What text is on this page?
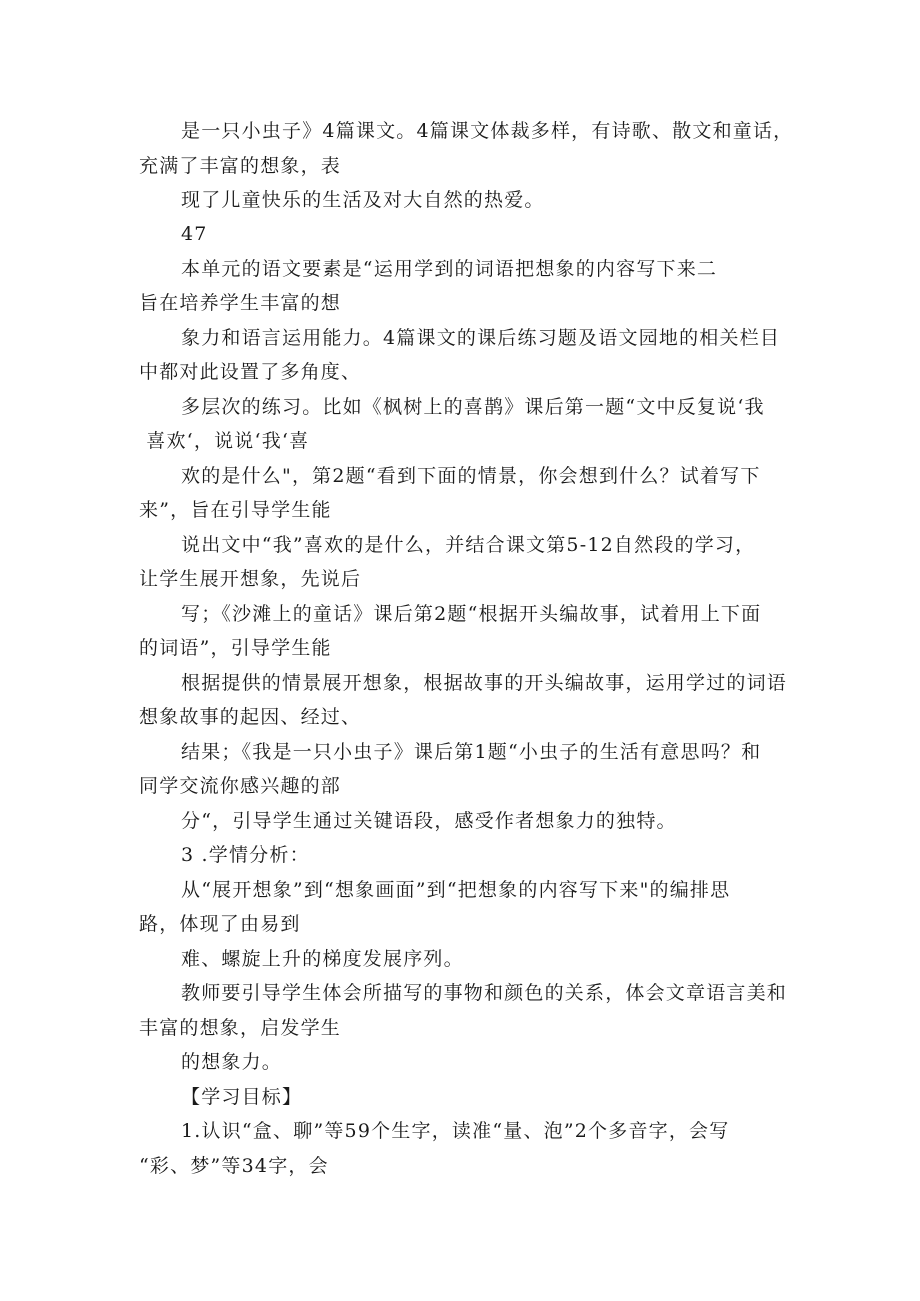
是一只小虫子》4篇课文。4篇课文体裁多样，有诗歌、散文和童话，
充满了丰富的想象，表
现了儿童快乐的生活及对大自然的热爱。
47
本单元的语文要素是“运用学到的词语把想象的内容写下来二
旨在培养学生丰富的想
象力和语言运用能力。4篇课文的课后练习题及语文园地的相关栏目
中都对此设置了多角度、
多层次的练习。比如《枫树上的喜鹊》课后第一题“文中反复说‘我
喜欢‘，说说‘我‘喜
欢的是什么"，第2题“看到下面的情景，你会想到什么？试着写下
来”，旨在引导学生能
说出文中“我”喜欢的是什么，并结合课文第5-12自然段的学习，
让学生展开想象，先说后
写；《沙滩上的童话》课后第2题“根据开头编故事，试着用上下面
的词语”，引导学生能
根据提供的情景展开想象，根据故事的开头编故事，运用学过的词语
想象故事的起因、经过、
结果；《我是一只小虫子》课后第1题“小虫子的生活有意思吗？和
同学交流你感兴趣的部
分“，引导学生通过关键语段，感受作者想象力的独特。
3 .学情分析：
从“展开想象”到“想象画面”到“把想象的内容写下来"的编排思
路，体现了由易到
难、螺旋上升的梯度发展序列。
教师要引导学生体会所描写的事物和颜色的关系，体会文章语言美和
丰富的想象，启发学生
的想象力。
【学习目标】
1.认识“盒、聊”等59个生字，读准“量、泡”2个多音字，会写
“彩、梦”等34字，会
